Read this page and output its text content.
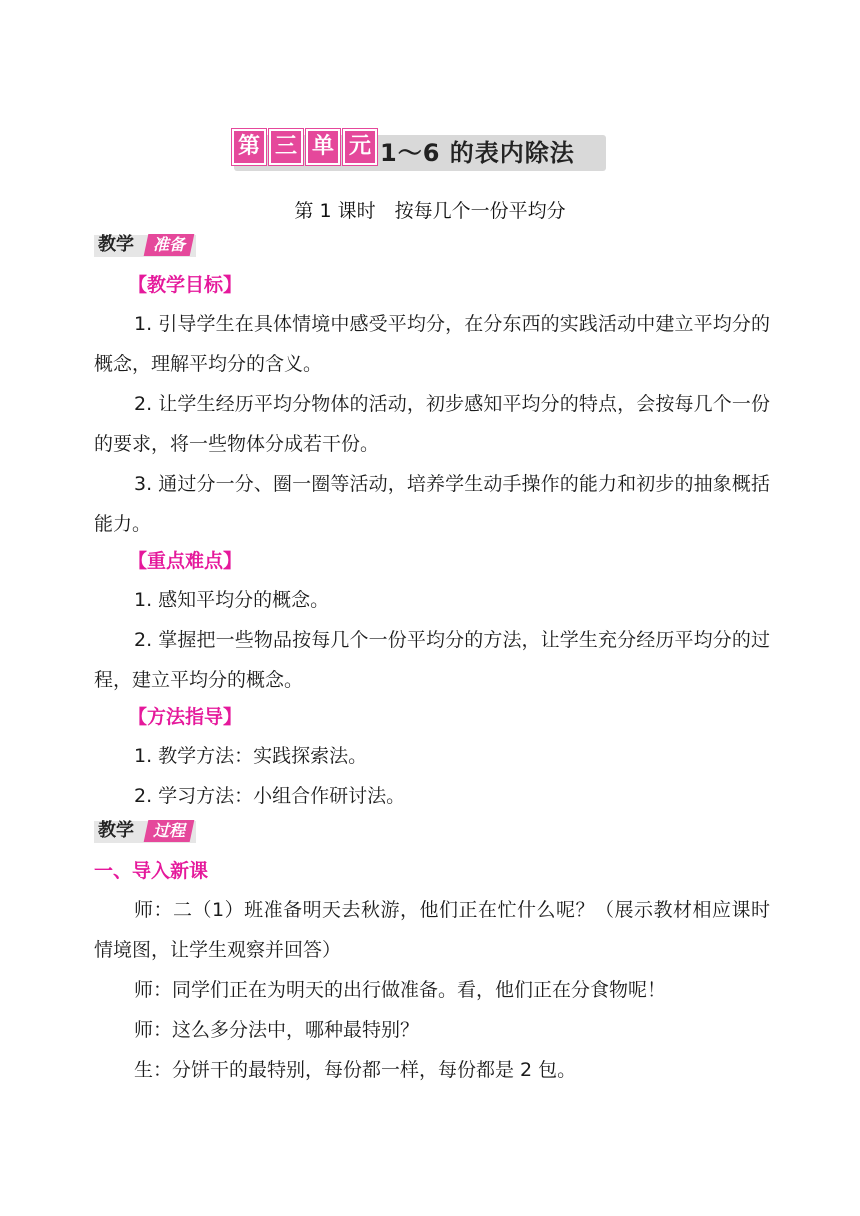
第 三 单 元 1～6 的表内除法
第 1 课时　按每几个一份平均分
教学	准备
【教学目标】
1. 引导学生在具体情境中感受平均分，在分东西的实践活动中建立平均分的概念，理解平均分的含义。
2. 让学生经历平均分物体的活动，初步感知平均分的特点，会按每几个一份的要求，将一些物体分成若干份。
3. 通过分一分、圈一圈等活动，培养学生动手操作的能力和初步的抽象概括能力。
【重点难点】
1. 感知平均分的概念。
2. 掌握把一些物品按每几个一份平均分的方法，让学生充分经历平均分的过程，建立平均分的概念。
【方法指导】
1. 教学方法：实践探索法。
2. 学习方法：小组合作研讨法。
教学	过程
一、导入新课
师：二（1）班准备明天去秋游，他们正在忙什么呢？（展示教材相应课时情境图，让学生观察并回答）
师：同学们正在为明天的出行做准备。看，他们正在分食物呢！
师：这么多分法中，哪种最特别？
生：分饼干的最特别，每份都一样，每份都是 2 包。
